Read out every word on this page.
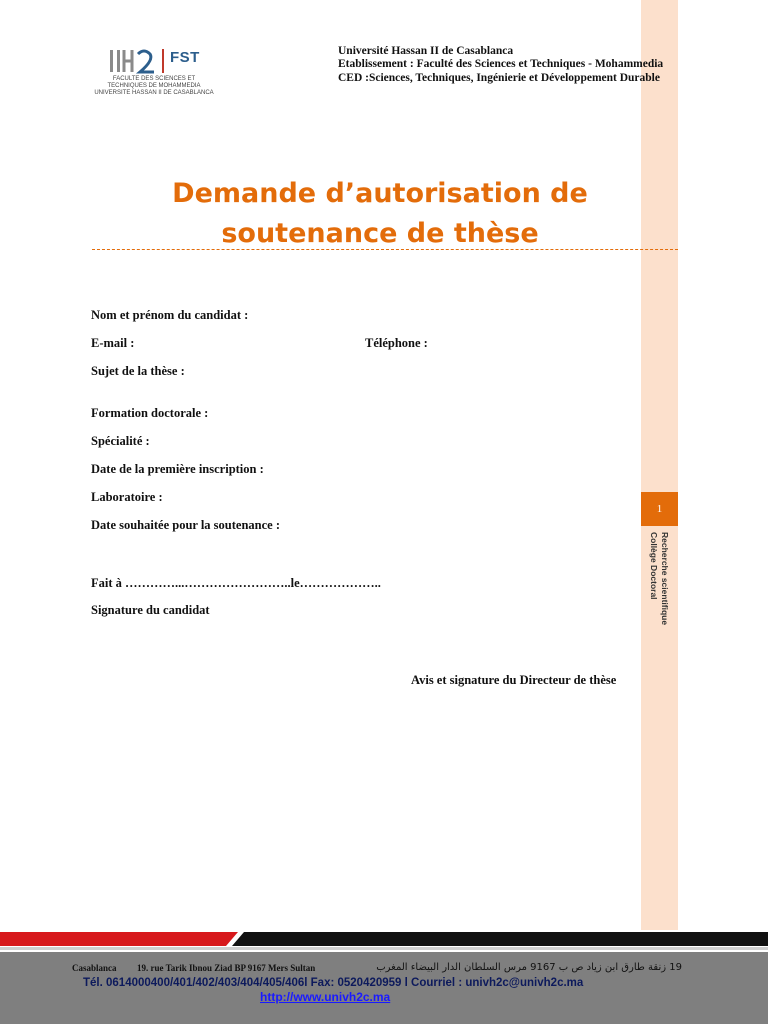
1
Recherche scientifique
Collège Doctoral
FST
FACULTE DES SCIENCES ET
TECHNIQUES DE MOHAMMEDIA
UNIVERSITE HASSAN II DE CASABLANCA
Université Hassan II de Casablanca
Etablissement : Faculté des Sciences et Techniques - Mohammedia
CED :Sciences, Techniques, Ingénierie et Développement Durable
Demande d’autorisation de
soutenance de thèse
Nom et prénom du candidat :
E-mail :	Téléphone :
Sujet de la thèse :
Formation doctorale :
Spécialité :
Date de la première inscription :
Laboratoire :
Date souhaitée pour la soutenance :
Fait à …………...……………………..le………………..
Signature du candidat
Avis et signature du Directeur de thèse
Casablanca 19. rue Tarik Ibnou Ziad BP 9167 Mers Sultan	19 زنقة طارق ابن زياد ص ب 9167 مرس السلطان الدار البيضاء المغرب
Tél. 0614000400/401/402/403/404/405/406l Fax: 0520420959 l Courriel : univh2c@univh2c.ma
http://www.univh2c.ma
